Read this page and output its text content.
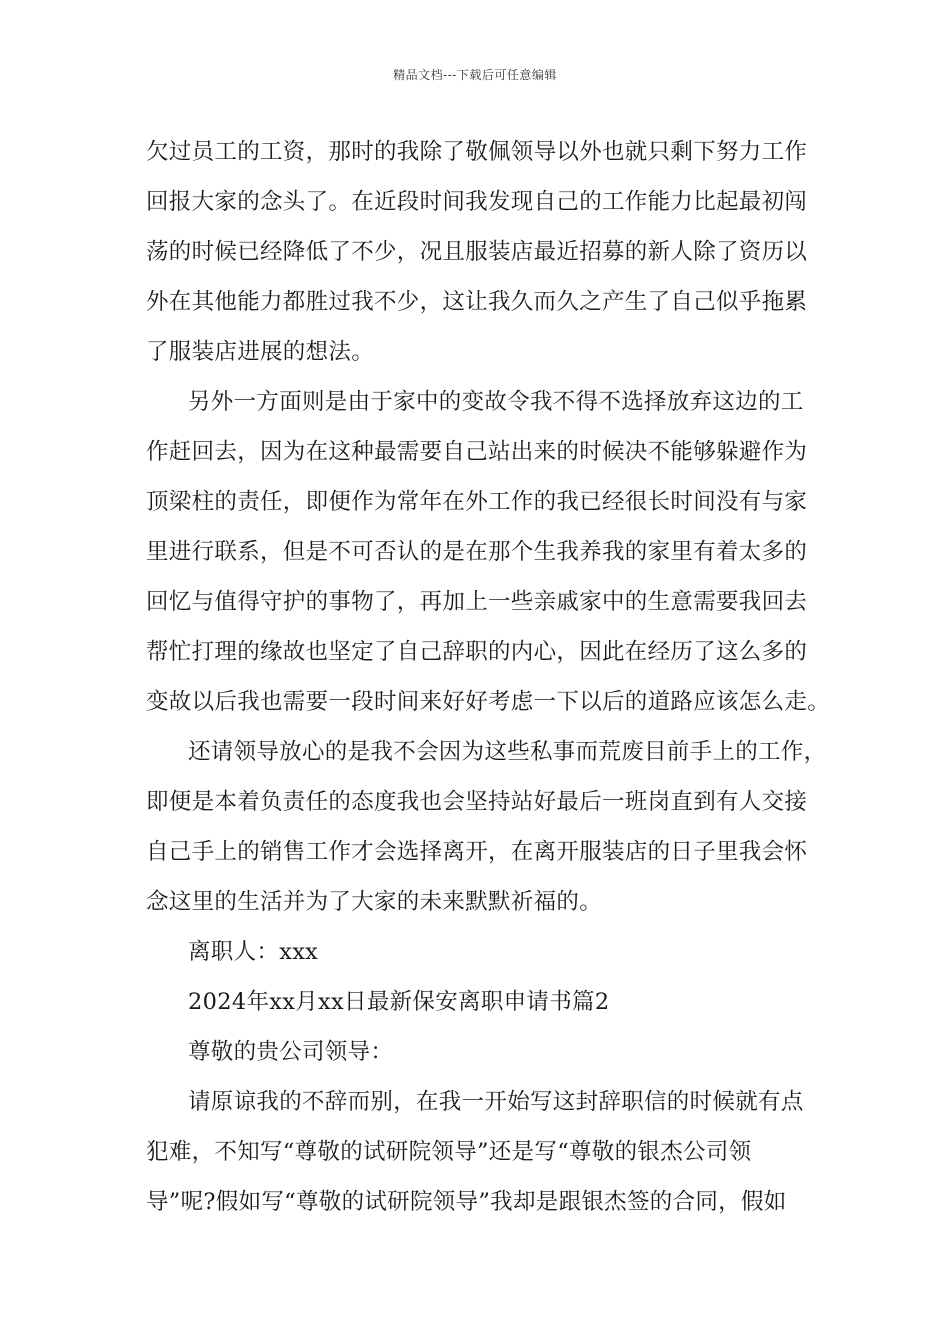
精品文档---下载后可任意编辑
欠过员工的工资，那时的我除了敬佩领导以外也就只剩下努力工作
回报大家的念头了。在近段时间我发现自己的工作能力比起最初闯
荡的时候已经降低了不少，况且服装店最近招募的新人除了资历以
外在其他能力都胜过我不少，这让我久而久之产生了自己似乎拖累
了服装店进展的想法。
另外一方面则是由于家中的变故令我不得不选择放弃这边的工
作赶回去，因为在这种最需要自己站出来的时候决不能够躲避作为
顶梁柱的责任，即便作为常年在外工作的我已经很长时间没有与家
里进行联系，但是不可否认的是在那个生我养我的家里有着太多的
回忆与值得守护的事物了，再加上一些亲戚家中的生意需要我回去
帮忙打理的缘故也坚定了自己辞职的内心，因此在经历了这么多的
变故以后我也需要一段时间来好好考虑一下以后的道路应该怎么走。
还请领导放心的是我不会因为这些私事而荒废目前手上的工作，
即便是本着负责任的态度我也会坚持站好最后一班岗直到有人交接
自己手上的销售工作才会选择离开，在离开服装店的日子里我会怀
念这里的生活并为了大家的未来默默祈福的。
离职人：xxx
2024年xx月xx日最新保安离职申请书篇2
尊敬的贵公司领导：
请原谅我的不辞而别，在我一开始写这封辞职信的时候就有点
犯难，不知写“尊敬的试研院领导”还是写“尊敬的银杰公司领
导”呢?假如写“尊敬的试研院领导”我却是跟银杰签的合同，假如
